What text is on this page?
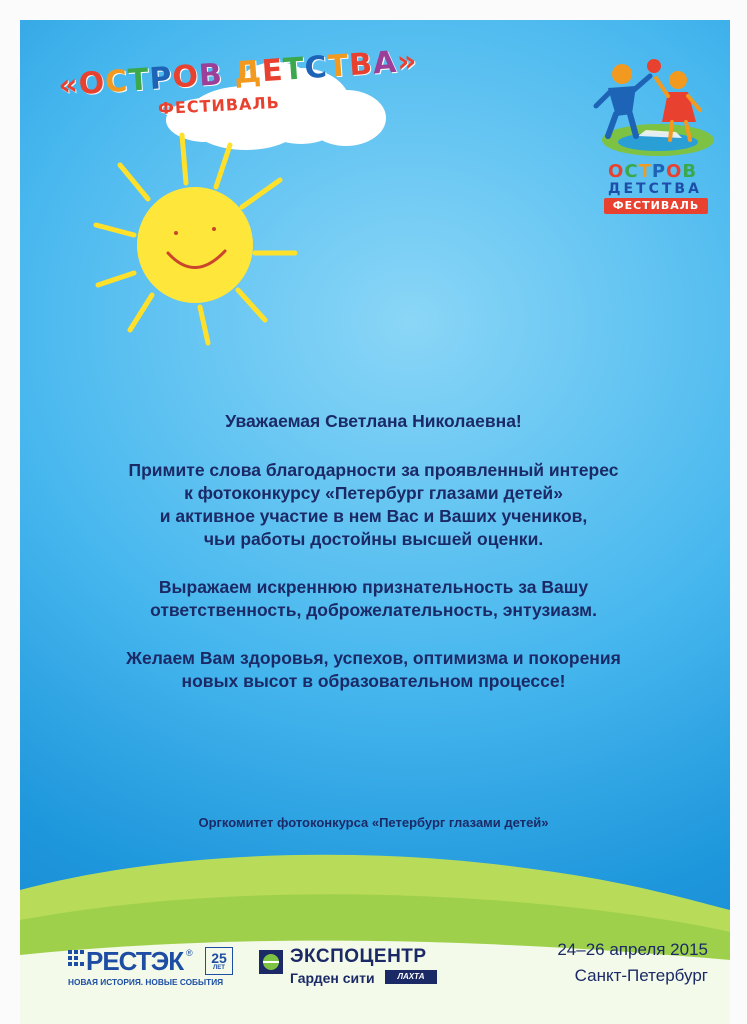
«ОСТРОВ ДЕТСТВА»
ФЕСТИВАЛЬ
ОСТРОВ
ДЕТСТВА
ФЕСТИВАЛЬ

Уважаемая Светлана Николаевна!

Примите слова благодарности за проявленный интерес

к фотоконкурсу «Петербург глазами детей»

и активное участие в нем Вас и Ваших учеников,

чьи работы достойны высшей оценки.

Выражаем искреннюю признательность за Вашу

ответственность, доброжелательность, энтузиазм.

Желаем Вам здоровья, успехов, оптимизма и покорения

новых высот в образовательном процессе!

Оргкомитет фотоконкурса «Петербург глазами детей»
РЕСТЭК ®	25
ЛЕТ
НОВАЯ ИСТОРИЯ. НОВЫЕ СОБЫТИЯ
ЭКСПОЦЕНТР
Гарден сити	ЛАХТА
24–26 апреля 2015
Санкт-Петербург
